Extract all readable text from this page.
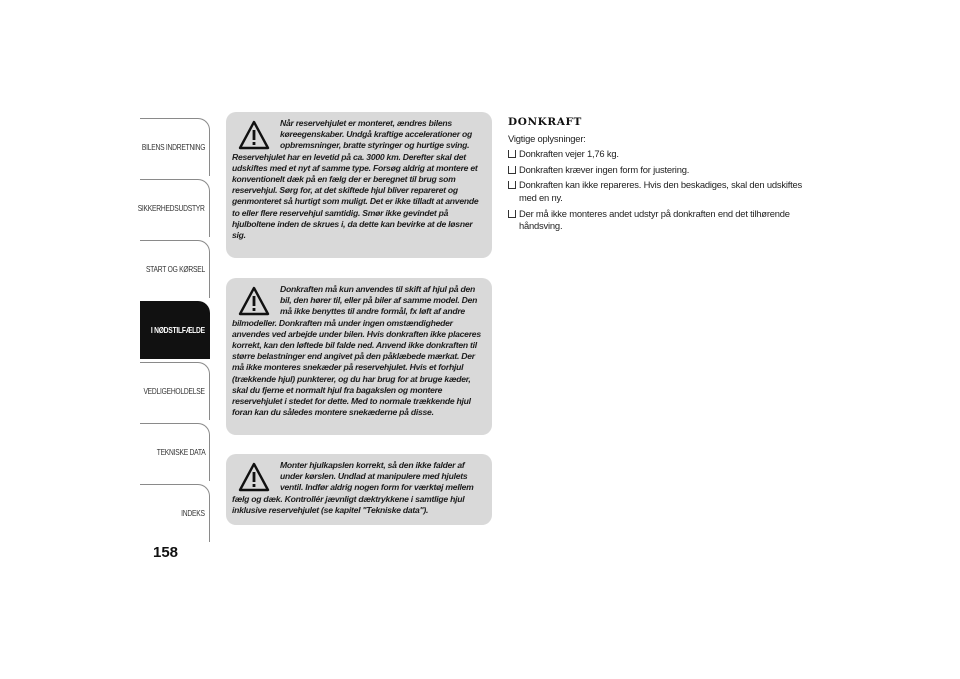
BILENS INDRETNING
SIKKERHEDSUDSTYR
START OG KØRSEL
I NØDSTILFÆLDE
VEDLIGEHOLDELSE
TEKNISKE DATA
INDEKS
158

Når reservehjulet er monteret, ændres bilens køreegenskaber. Undgå kraftige accelerationer og opbremsninger, bratte styringer og hurtige sving. Reservehjulet har en levetid på ca. 3000 km. Derefter skal det udskiftes med et nyt af samme type. Forsøg aldrig at montere et konventionelt dæk på en fælg der er beregnet til brug som reservehjul. Sørg for, at det skiftede hjul bliver repareret og genmonteret så hurtigt som muligt. Det er ikke tilladt at anvende to eller flere reservehjul samtidig. Smør ikke gevindet på hjulboltene inden de skrues i, da dette kan bevirke at de løsner sig.

Donkraften må kun anvendes til skift af hjul på den bil, den hører til, eller på biler af samme model. Den må ikke benyttes til andre formål, fx løft af andre bilmodeller. Donkraften må under ingen omstændigheder anvendes ved arbejde under bilen. Hvis donkraften ikke placeres korrekt, kan den løftede bil falde ned. Anvend ikke donkraften til større belastninger end angivet på den påklæbede mærkat. Der må ikke monteres snekæder på reservehjulet. Hvis et forhjul (trækkende hjul) punkterer, og du har brug for at bruge kæder, skal du fjerne et normalt hjul fra bagakslen og montere reservehjulet i stedet for dette. Med to normale trækkende hjul foran kan du således montere snekæderne på disse.

Monter hjulkapslen korrekt, så den ikke falder af under kørslen. Undlad at manipulere med hjulets ventil. Indfør aldrig nogen form for værktøj mellem fælg og dæk. Kontrollér jævnligt dæktrykkene i samtlige hjul inklusive reservehjulet (se kapitel "Tekniske data").

DONKRAFT

Vigtige oplysninger:

Donkraften vejer 1,76 kg.
Donkraften kræver ingen form for justering.
Donkraften kan ikke repareres. Hvis den beskadiges, skal den udskiftes med en ny.
Der må ikke monteres andet udstyr på donkraften end det tilhørende håndsving.
